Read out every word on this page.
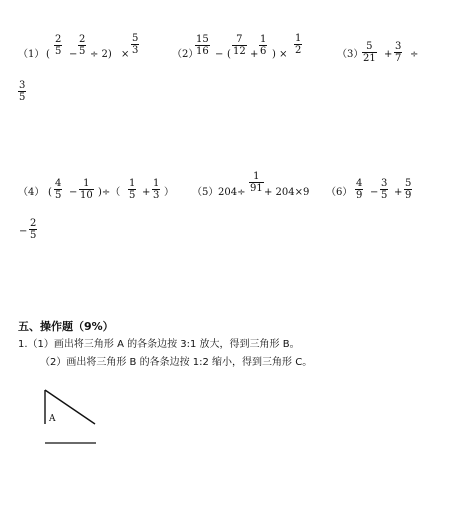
（1） ( $\frac{2}{5} - \frac{2}{5} \div 2) \times \frac{5}{3}$	（2）
$\frac{15}{16}$ − ( $\frac{7}{12} + \frac{1}{6}$ ) × $\frac{1}{2}$	（3）
$\frac{5}{21} + \frac{3}{7}$ ÷
$\frac{3}{5}$
（4） ( $\frac{4}{5} - \frac{1}{10}$ )÷（ $\frac{1}{5} + \frac{1}{3}$ ） （5） $204\div \frac{1}{91} + 204\times 9$ $(6) \frac{4}{9} - \frac{3}{5} + \frac{5}{9}$
− $\frac{2}{5}$
五、操作题（9%）
1.（1）画出将三角形 A 的各条边按 3:1 放大，得到三角形 B。
（2）画出将三角形 B 的各条边按 1:2 缩小，得到三角形 C。
A
